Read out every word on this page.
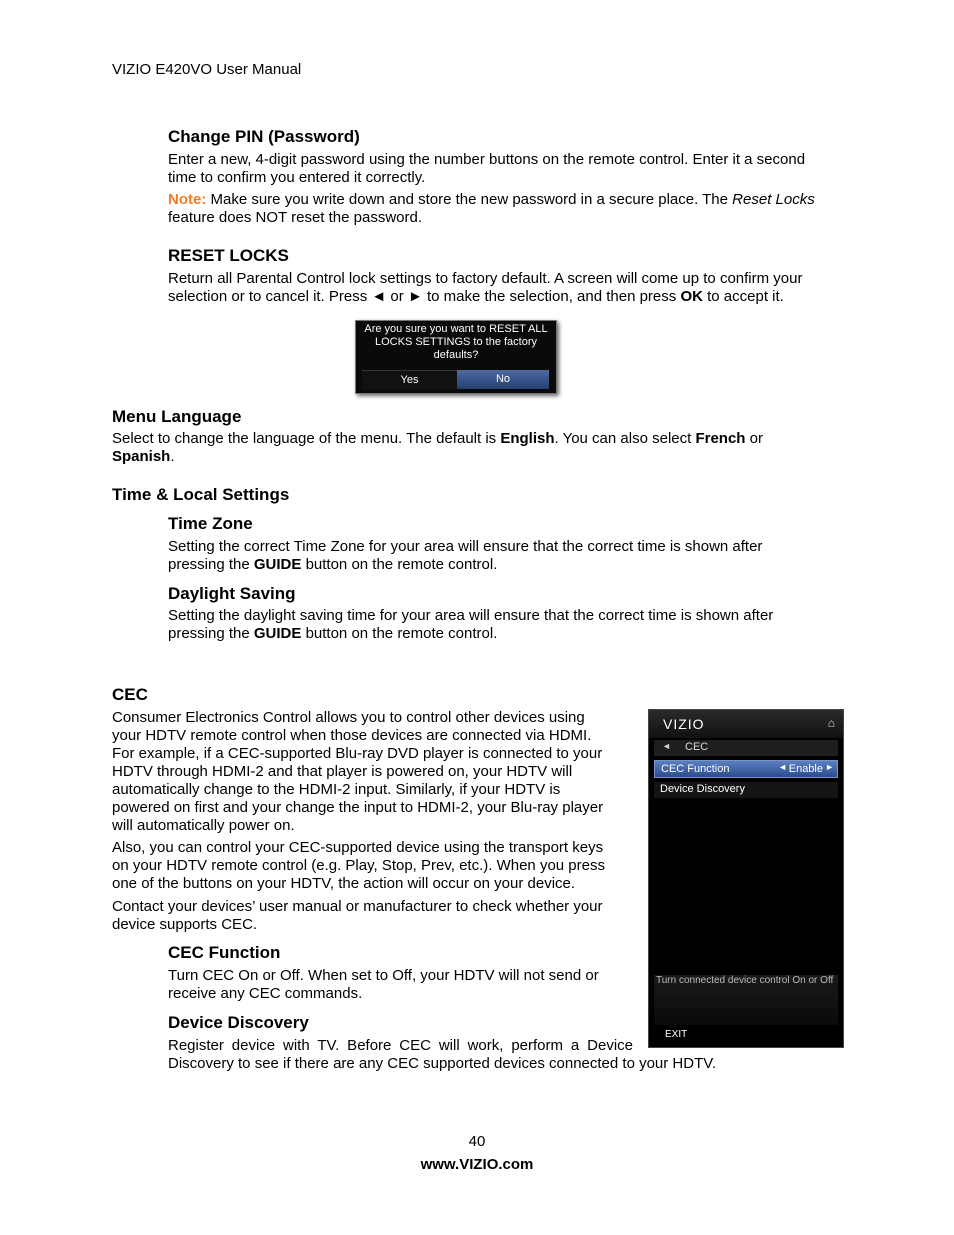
VIZIO E420VO User Manual
Change PIN (Password)
Enter a new, 4-digit password using the number buttons on the remote control. Enter it a second
time to confirm you entered it correctly.
Note: Make sure you write down and store the new password in a secure place. The Reset Locks
feature does NOT reset the password.
RESET LOCKS
Return all Parental Control lock settings to factory default. A screen will come up to confirm your
selection or to cancel it. Press ◄ or ► to make the selection, and then press OK to accept it.
Are you sure you want to RESET ALL
LOCKS SETTINGS to the factory
defaults?
Yes	No
Menu Language
Select to change the language of the menu. The default is English. You can also select French or
Spanish.
Time & Local Settings
Time Zone
Setting the correct Time Zone for your area will ensure that the correct time is shown after
pressing the GUIDE button on the remote control.
Daylight Saving
Setting the daylight saving time for your area will ensure that the correct time is shown after
pressing the GUIDE button on the remote control.
CEC
Consumer Electronics Control allows you to control other devices using
your HDTV remote control when those devices are connected via HDMI.
For example, if a CEC-supported Blu-ray DVD player is connected to your
HDTV through HDMI-2 and that player is powered on, your HDTV will
automatically change to the HDMI-2 input. Similarly, if your HDTV is
powered on first and your change the input to HDMI-2, your Blu-ray player
will automatically power on.
Also, you can control your CEC-supported device using the transport keys
on your HDTV remote control (e.g. Play, Stop, Prev, etc.). When you press
one of the buttons on your HDTV, the action will occur on your device.
Contact your devices’ user manual or manufacturer to check whether your
device supports CEC.
CEC Function
Turn CEC On or Off. When set to Off, your HDTV will not send or
receive any CEC commands.
Device Discovery
Register device with TV. Before CEC will work, perform a Device
Discovery to see if there are any CEC supported devices connected to your HDTV.
VIZIO	⌂
◄ CEC
CEC Function	◄ Enable ►
Device Discovery
Turn connected device control On or Off
EXIT
40
www.VIZIO.com
